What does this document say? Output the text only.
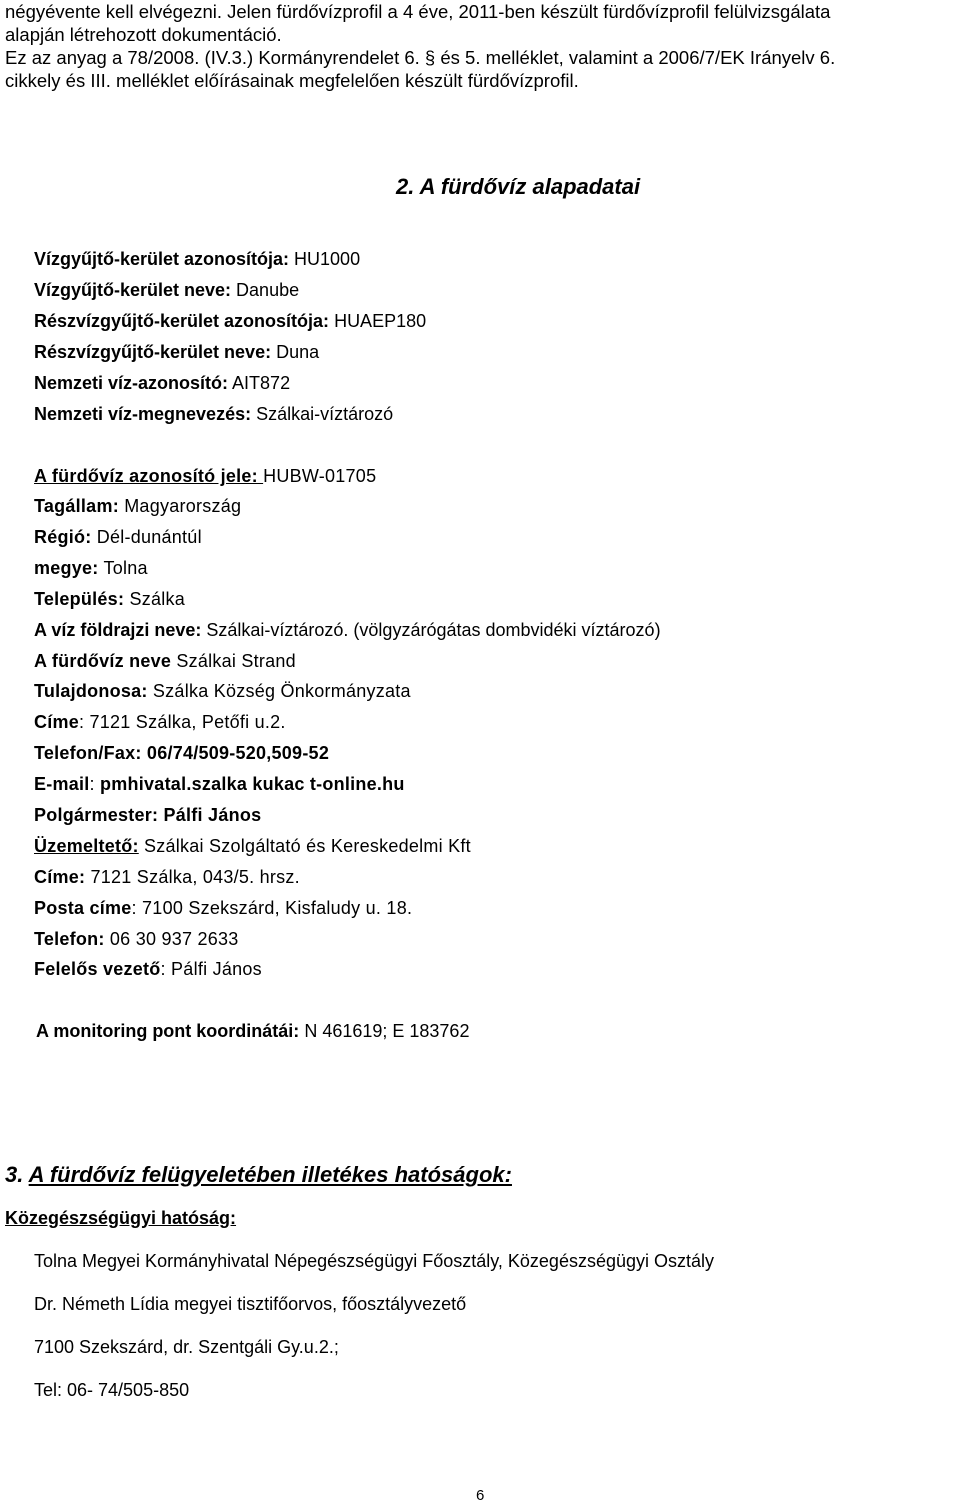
négyévente kell elvégezni. Jelen fürdővízprofil a 4 éve, 2011-ben készült fürdővízprofil felülvizsgálata

alapján létrehozott dokumentáció.

Ez az anyag a 78/2008. (IV.3.) Kormányrendelet 6. § és 5. melléklet, valamint a 2006/7/EK Irányelv 6.

cikkely és III. melléklet előírásainak megfelelően készült fürdővízprofil.

2. A fürdővíz alapadatai
Vízgyűjtő-kerület azonosítója: HU1000
Vízgyűjtő-kerület neve: Danube
Részvízgyűjtő-kerület azonosítója: HUAEP180
Részvízgyűjtő-kerület neve: Duna
Nemzeti víz-azonosító: AIT872
Nemzeti víz-megnevezés: Szálkai-víztározó
A fürdővíz azonosító jele: HUBW-01705
Tagállam: Magyarország
Régió: Dél-dunántúl
megye: Tolna
Település: Szálka
A víz földrajzi neve: Szálkai-víztározó. (völgyzárógátas dombvidéki víztározó)
A fürdővíz neve Szálkai Strand
Tulajdonosa: Szálka Község Önkormányzata
Címe: 7121 Szálka, Petőfi u.2.
Telefon/Fax: 06/74/509-520,509-52
E-mail: pmhivatal.szalka kukac t-online.hu
Polgármester: Pálfi János
Üzemeltető: Szálkai Szolgáltató és Kereskedelmi Kft
Címe: 7121 Szálka, 043/5. hrsz.
Posta címe: 7100 Szekszárd, Kisfaludy u. 18.
Telefon: 06 30 937 2633
Felelős vezető: Pálfi János
A monitoring pont koordinátái: N 461619; E 183762
3. A fürdővíz felügyeletében illetékes hatóságok:
Közegészségügyi hatóság:
Tolna Megyei Kormányhivatal Népegészségügyi Főosztály, Közegészségügyi Osztály
Dr. Németh Lídia megyei tisztifőorvos, főosztályvezető
7100 Szekszárd, dr. Szentgáli Gy.u.2.;
Tel: 06- 74/505-850
6
